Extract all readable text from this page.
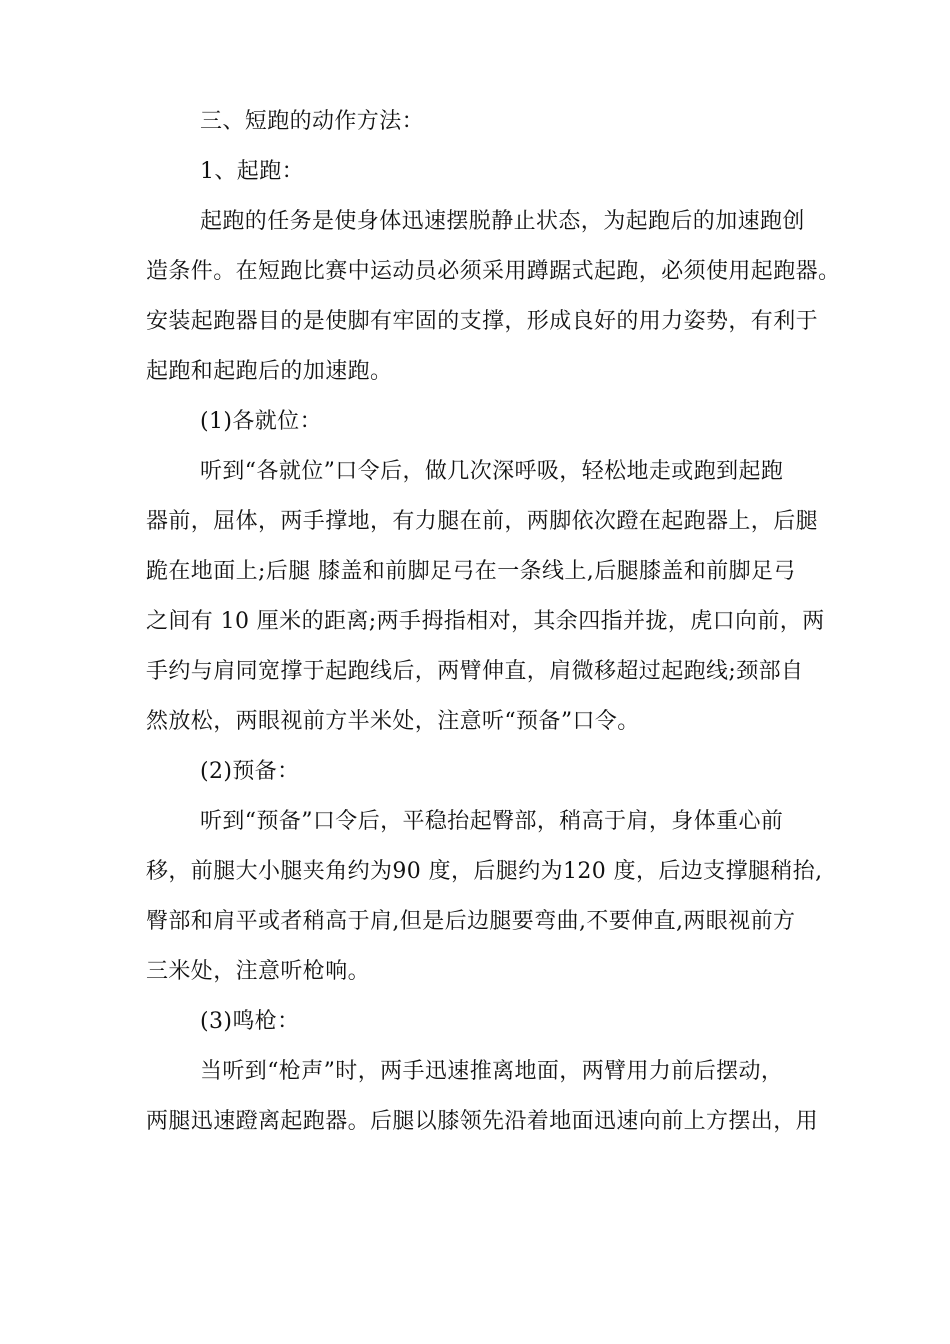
三、短跑的动作方法：
1、起跑：
起跑的任务是使身体迅速摆脱静止状态，为起跑后的加速跑创
造条件。在短跑比赛中运动员必须采用蹲踞式起跑，必须使用起跑器。
安装起跑器目的是使脚有牢固的支撑，形成良好的用力姿势，有利于
起跑和起跑后的加速跑。
(1)各就位：
听到“各就位”口令后，做几次深呼吸，轻松地走或跑到起跑
器前，屈体，两手撑地，有力腿在前，两脚依次蹬在起跑器上，后腿
跪在地面上;后腿 膝盖和前脚足弓在一条线上,后腿膝盖和前脚足弓
之间有 10 厘米的距离;两手拇指相对，其余四指并拢，虎口向前，两
手约与肩同宽撑于起跑线后，两臂伸直，肩微移超过起跑线;颈部自
然放松，两眼视前方半米处，注意听“预备”口令。
(2)预备：
听到“预备”口令后，平稳抬起臀部，稍高于肩，身体重心前
移，前腿大小腿夹角约为90 度，后腿约为120 度，后边支撑腿稍抬,
臀部和肩平或者稍高于肩,但是后边腿要弯曲,不要伸直,两眼视前方
三米处，注意听枪响。
(3)鸣枪：
当听到“枪声”时，两手迅速推离地面，两臂用力前后摆动，
两腿迅速蹬离起跑器。后腿以膝领先沿着地面迅速向前上方摆出，用
